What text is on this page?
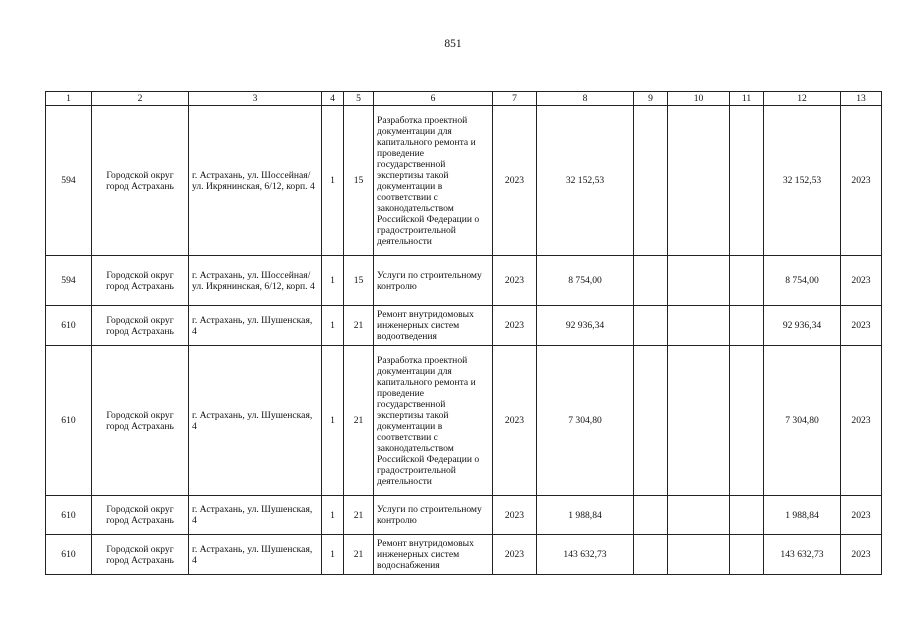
851
1	2	3	4	5	6	7	8	9	10	11	12	13
594	Городской округ город Астрахань	г. Астрахань, ул. Шоссейная/ ул. Икрянинская, 6/12, корп. 4	1	15	Разработка проектной документации для капитального ремонта и проведение государственной экспертизы такой документации в соответствии с законодательством Российской Федерации о градостроительной деятельности	2023	32 152,53				32 152,53	2023
594	Городской округ город Астрахань	г. Астрахань, ул. Шоссейная/ ул. Икрянинская, 6/12, корп. 4	1	15	Услуги по строительному контролю	2023	8 754,00				8 754,00	2023
610	Городской округ город Астрахань	г. Астрахань, ул. Шушенская, 4	1	21	Ремонт внутридомовых инженерных систем водоотведения	2023	92 936,34				92 936,34	2023
610	Городской округ город Астрахань	г. Астрахань, ул. Шушенская, 4	1	21	Разработка проектной документации для капитального ремонта и проведение государственной экспертизы такой документации в соответствии с законодательством Российской Федерации о градостроительной деятельности	2023	7 304,80				7 304,80	2023
610	Городской округ город Астрахань	г. Астрахань, ул. Шушенская, 4	1	21	Услуги по строительному контролю	2023	1 988,84				1 988,84	2023
610	Городской округ город Астрахань	г. Астрахань, ул. Шушенская, 4	1	21	Ремонт внутридомовых инженерных систем водоснабжения	2023	143 632,73				143 632,73	2023
